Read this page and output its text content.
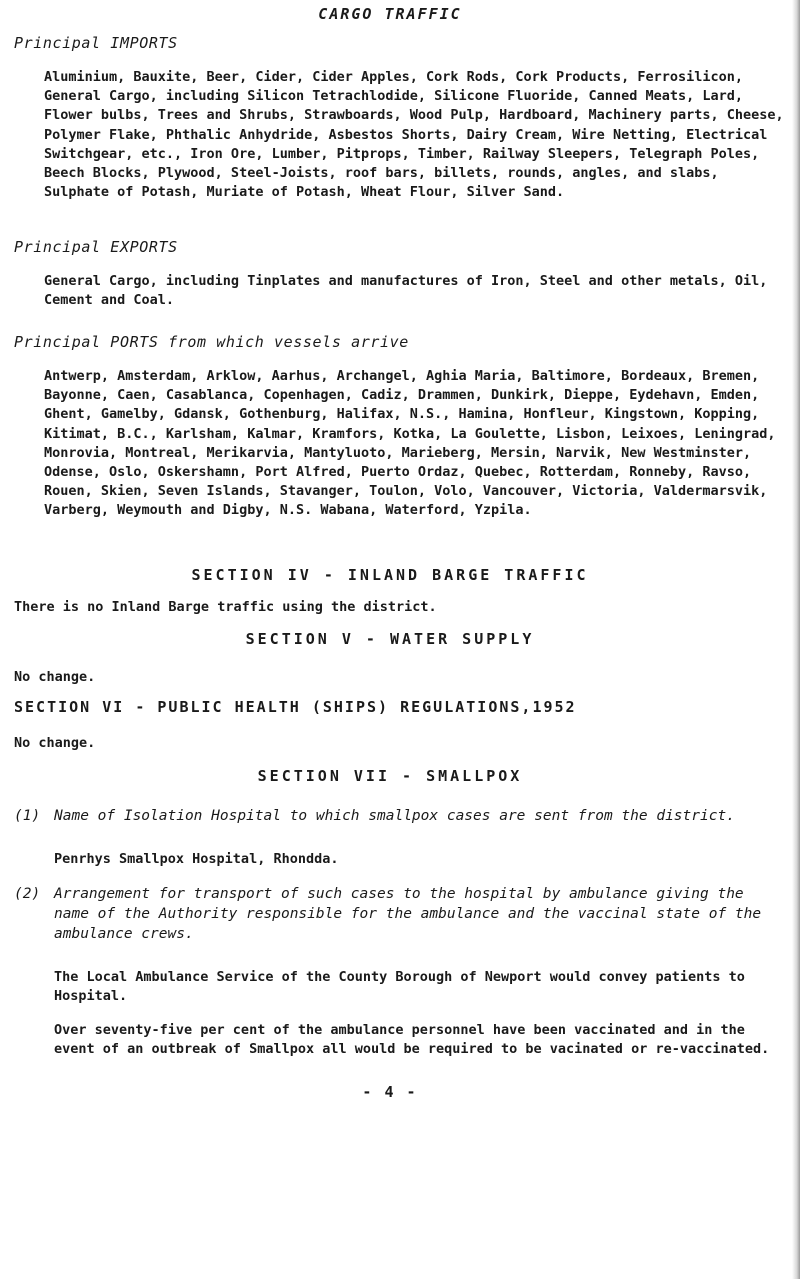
CARGO TRAFFIC
Principal IMPORTS

Aluminium, Bauxite, Beer, Cider, Cider Apples, Cork Rods, Cork Products, Ferrosilicon, General Cargo, including Silicon Tetrachlodide, Silicone Fluoride, Canned Meats, Lard, Flower bulbs, Trees and Shrubs, Strawboards, Wood Pulp, Hardboard, Machinery parts, Cheese, Polymer Flake, Phthalic Anhydride, Asbestos Shorts, Dairy Cream, Wire Netting, Electrical Switchgear, etc., Iron Ore, Lumber, Pitprops, Timber, Railway Sleepers, Telegraph Poles, Beech Blocks, Plywood, Steel-Joists, roof bars, billets, rounds, angles, and slabs, Sulphate of Potash, Muriate of Potash, Wheat Flour, Silver Sand.

Principal EXPORTS

General Cargo, including Tinplates and manufactures of Iron, Steel and other metals, Oil, Cement and Coal.

Principal PORTS from which vessels arrive

Antwerp, Amsterdam, Arklow, Aarhus, Archangel, Aghia Maria, Baltimore, Bordeaux, Bremen, Bayonne, Caen, Casablanca, Copenhagen, Cadiz, Drammen, Dunkirk, Dieppe, Eydehavn, Emden, Ghent, Gamelby, Gdansk, Gothenburg, Halifax, N.S., Hamina, Honfleur, Kingstown, Kopping, Kitimat, B.C., Karlsham, Kalmar, Kramfors, Kotka, La Goulette, Lisbon, Leixoes, Leningrad, Monrovia, Montreal, Merikarvia, Mantyluoto, Marieberg, Mersin, Narvik, New Westminster, Odense, Oslo, Oskershamn, Port Alfred, Puerto Ordaz, Quebec, Rotterdam, Ronneby, Ravso, Rouen, Skien, Seven Islands, Stavanger, Toulon, Volo, Vancouver, Victoria, Valdermarsvik, Varberg, Weymouth and Digby, N.S. Wabana, Waterford, Yzpila.

SECTION IV - INLAND BARGE TRAFFIC

There is no Inland Barge traffic using the district.

SECTION V - WATER SUPPLY

No change.

SECTION VI - PUBLIC HEALTH (SHIPS) REGULATIONS,1952

No change.

SECTION VII - SMALLPOX
(1) Name of Isolation Hospital to which smallpox cases are sent from the district.

Penrhys Smallpox Hospital, Rhondda.

(2) Arrangement for transport of such cases to the hospital by ambulance giving the name of the Authority responsible for the ambulance and the vaccinal state of the ambulance crews.

The Local Ambulance Service of the County Borough of Newport would convey patients to Hospital.

Over seventy-five per cent of the ambulance personnel have been vaccinated and in the event of an outbreak of Smallpox all would be required to be vacinated or re-vaccinated.

- 4 -
